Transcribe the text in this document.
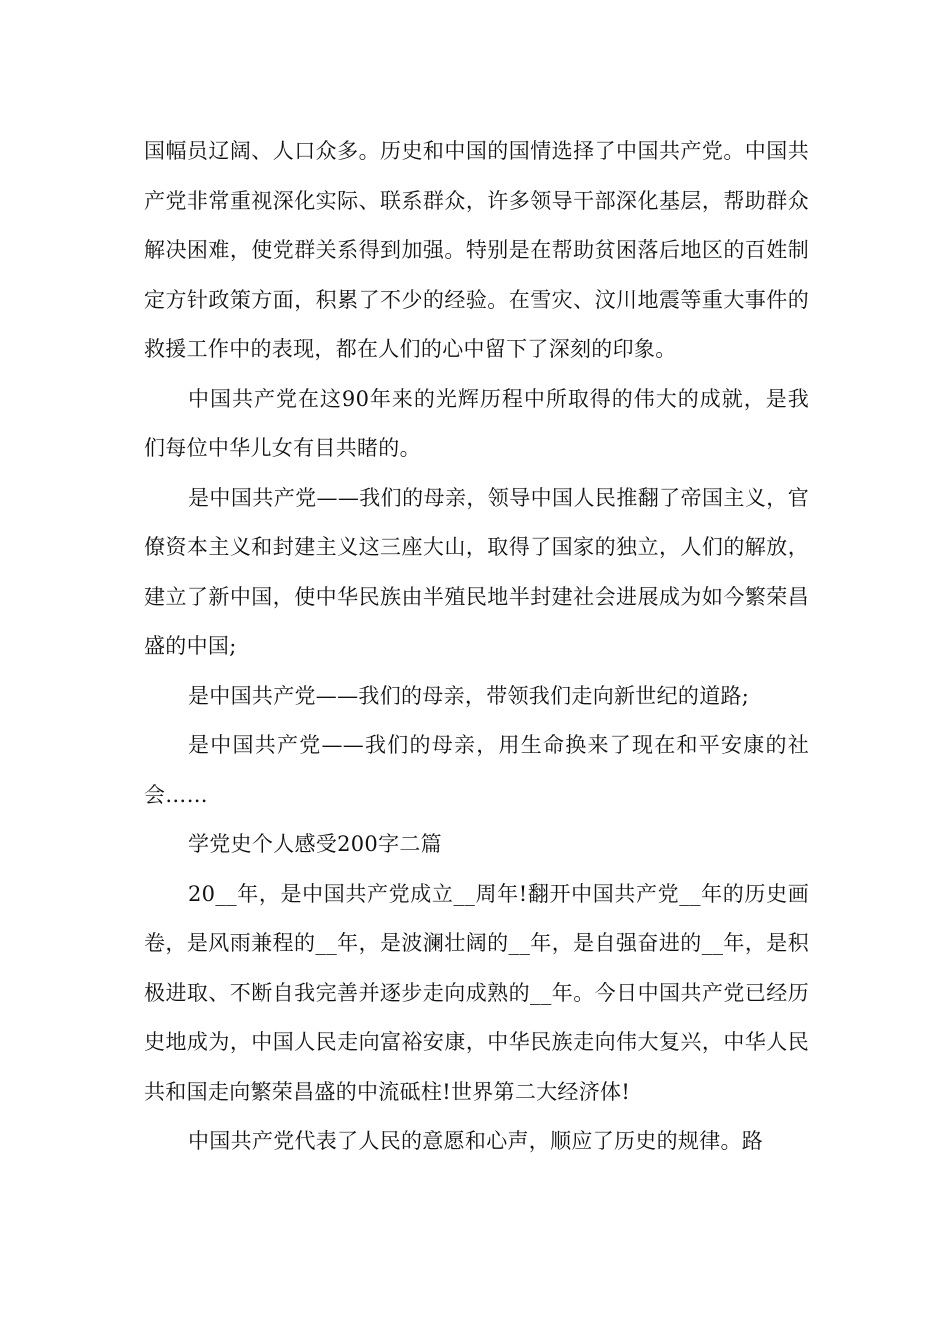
国幅员辽阔、人口众多。历史和中国的国情选择了中国共产党。中国共产党非常重视深化实际、联系群众，许多领导干部深化基层，帮助群众解决困难，使党群关系得到加强。特别是在帮助贫困落后地区的百姓制定方针政策方面，积累了不少的经验。在雪灾、汶川地震等重大事件的救援工作中的表现，都在人们的心中留下了深刻的印象。

中国共产党在这90年来的光辉历程中所取得的伟大的成就，是我们每位中华儿女有目共睹的。

是中国共产党——我们的母亲，领导中国人民推翻了帝国主义，官僚资本主义和封建主义这三座大山，取得了国家的独立，人们的解放，建立了新中国，使中华民族由半殖民地半封建社会进展成为如今繁荣昌盛的中国;

是中国共产党——我们的母亲，带领我们走向新世纪的道路;

是中国共产党——我们的母亲，用生命换来了现在和平安康的社会……

学党史个人感受200字二篇

20__年，是中国共产党成立__周年!翻开中国共产党__年的历史画卷，是风雨兼程的__年，是波澜壮阔的__年，是自强奋进的__年，是积极进取、不断自我完善并逐步走向成熟的__年。今日中国共产党已经历史地成为，中国人民走向富裕安康，中华民族走向伟大复兴，中华人民共和国走向繁荣昌盛的中流砥柱!世界第二大经济体!

中国共产党代表了人民的意愿和心声，顺应了历史的规律。路
